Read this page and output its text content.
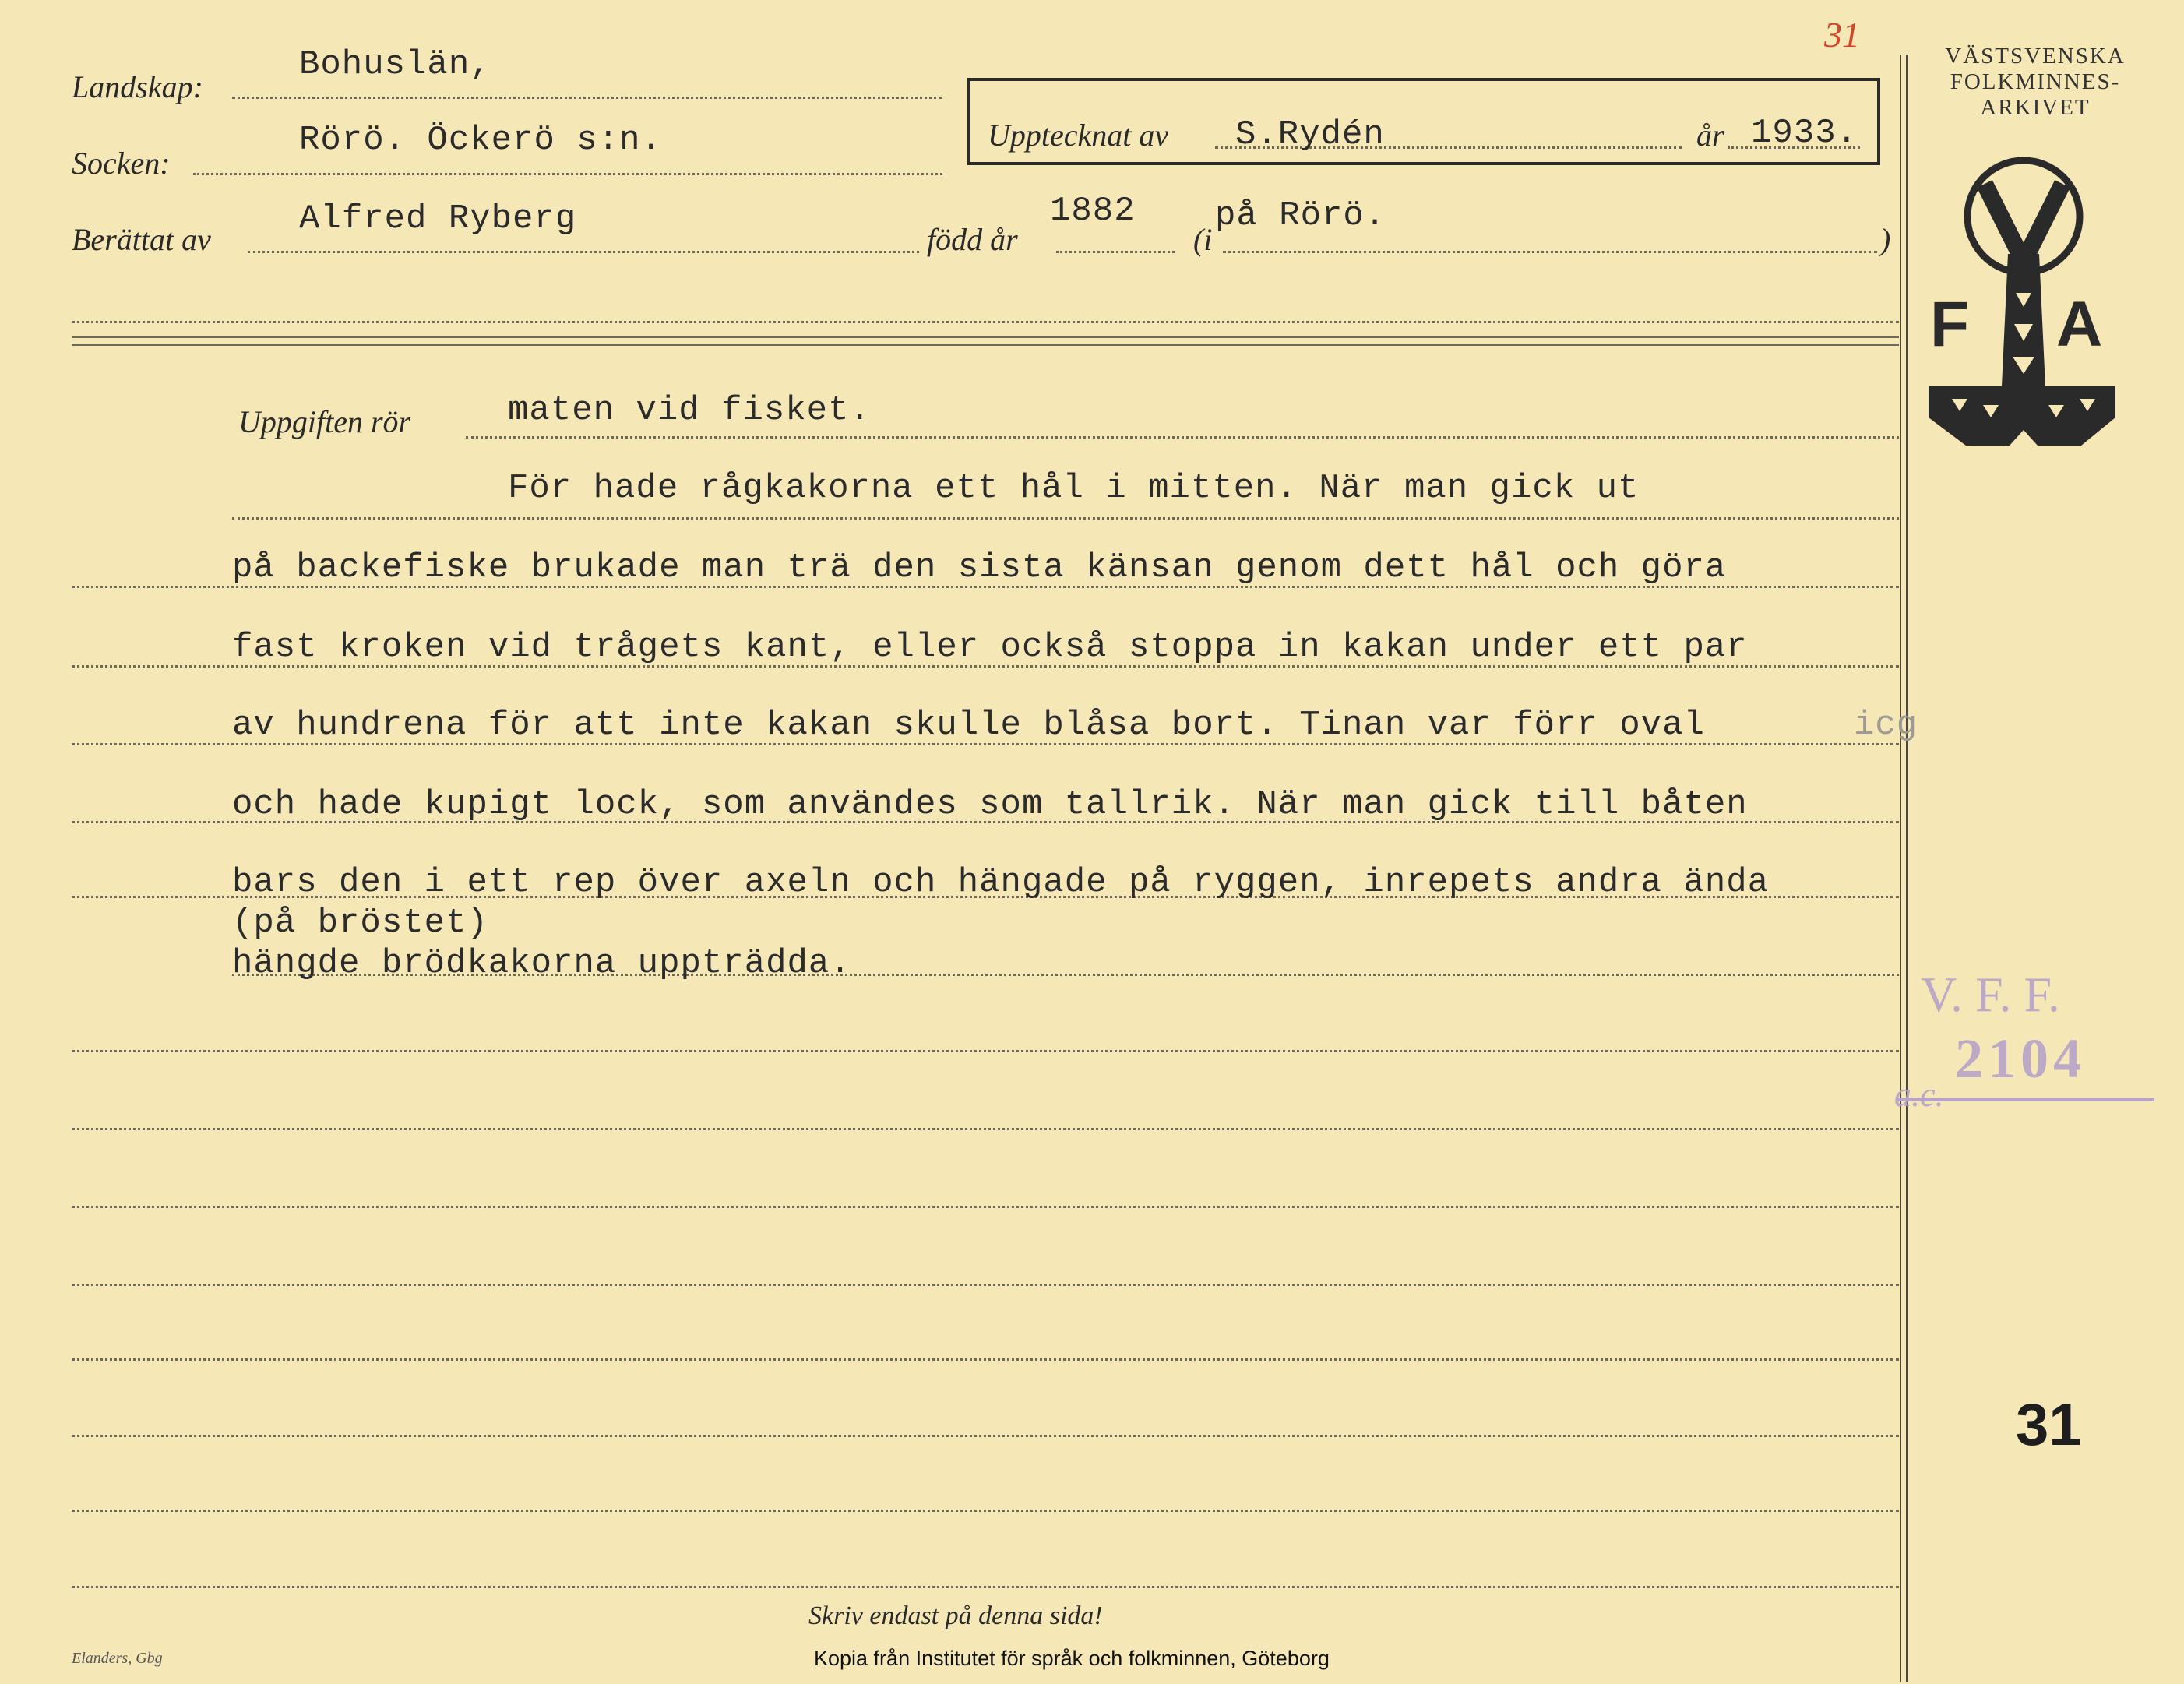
31
Landskap:
Bohuslän,
Socken:
Rörö. Öckerö s:n.	Uppteckn​at av S.Rydén	år 1933.
Berättat av
Alfred Ryberg
född år
1882
(i
på Rörö.
)
VÄSTSVENSKA
FOLKMINNES-
ARKIVET
F A
Uppgiften rör	maten vid fisket.
För hade rågkakorna ett hål i mitten. När man gick ut
på backefiske brukade man trä den sista känsan genom dett hål och göra
fast kroken vid trågets kant, eller också stoppa in kakan under ett par
av hundrena för att inte kakan skulle blåsa bort. Tinan var förr oval	icg
och hade kupigt lock, som användes som tallrik. När man gick till båten
bars den i ett rep över axeln och hängade på ryggen, inrepets andra ända
(på bröstet)
hängde brödkakorna uppträdda.
V. F. F.
a.c.
2104
31
Skriv endast på denna sida!
Elanders, Gbg	Kopia från Institutet för språk och folkminnen, Göteborg
